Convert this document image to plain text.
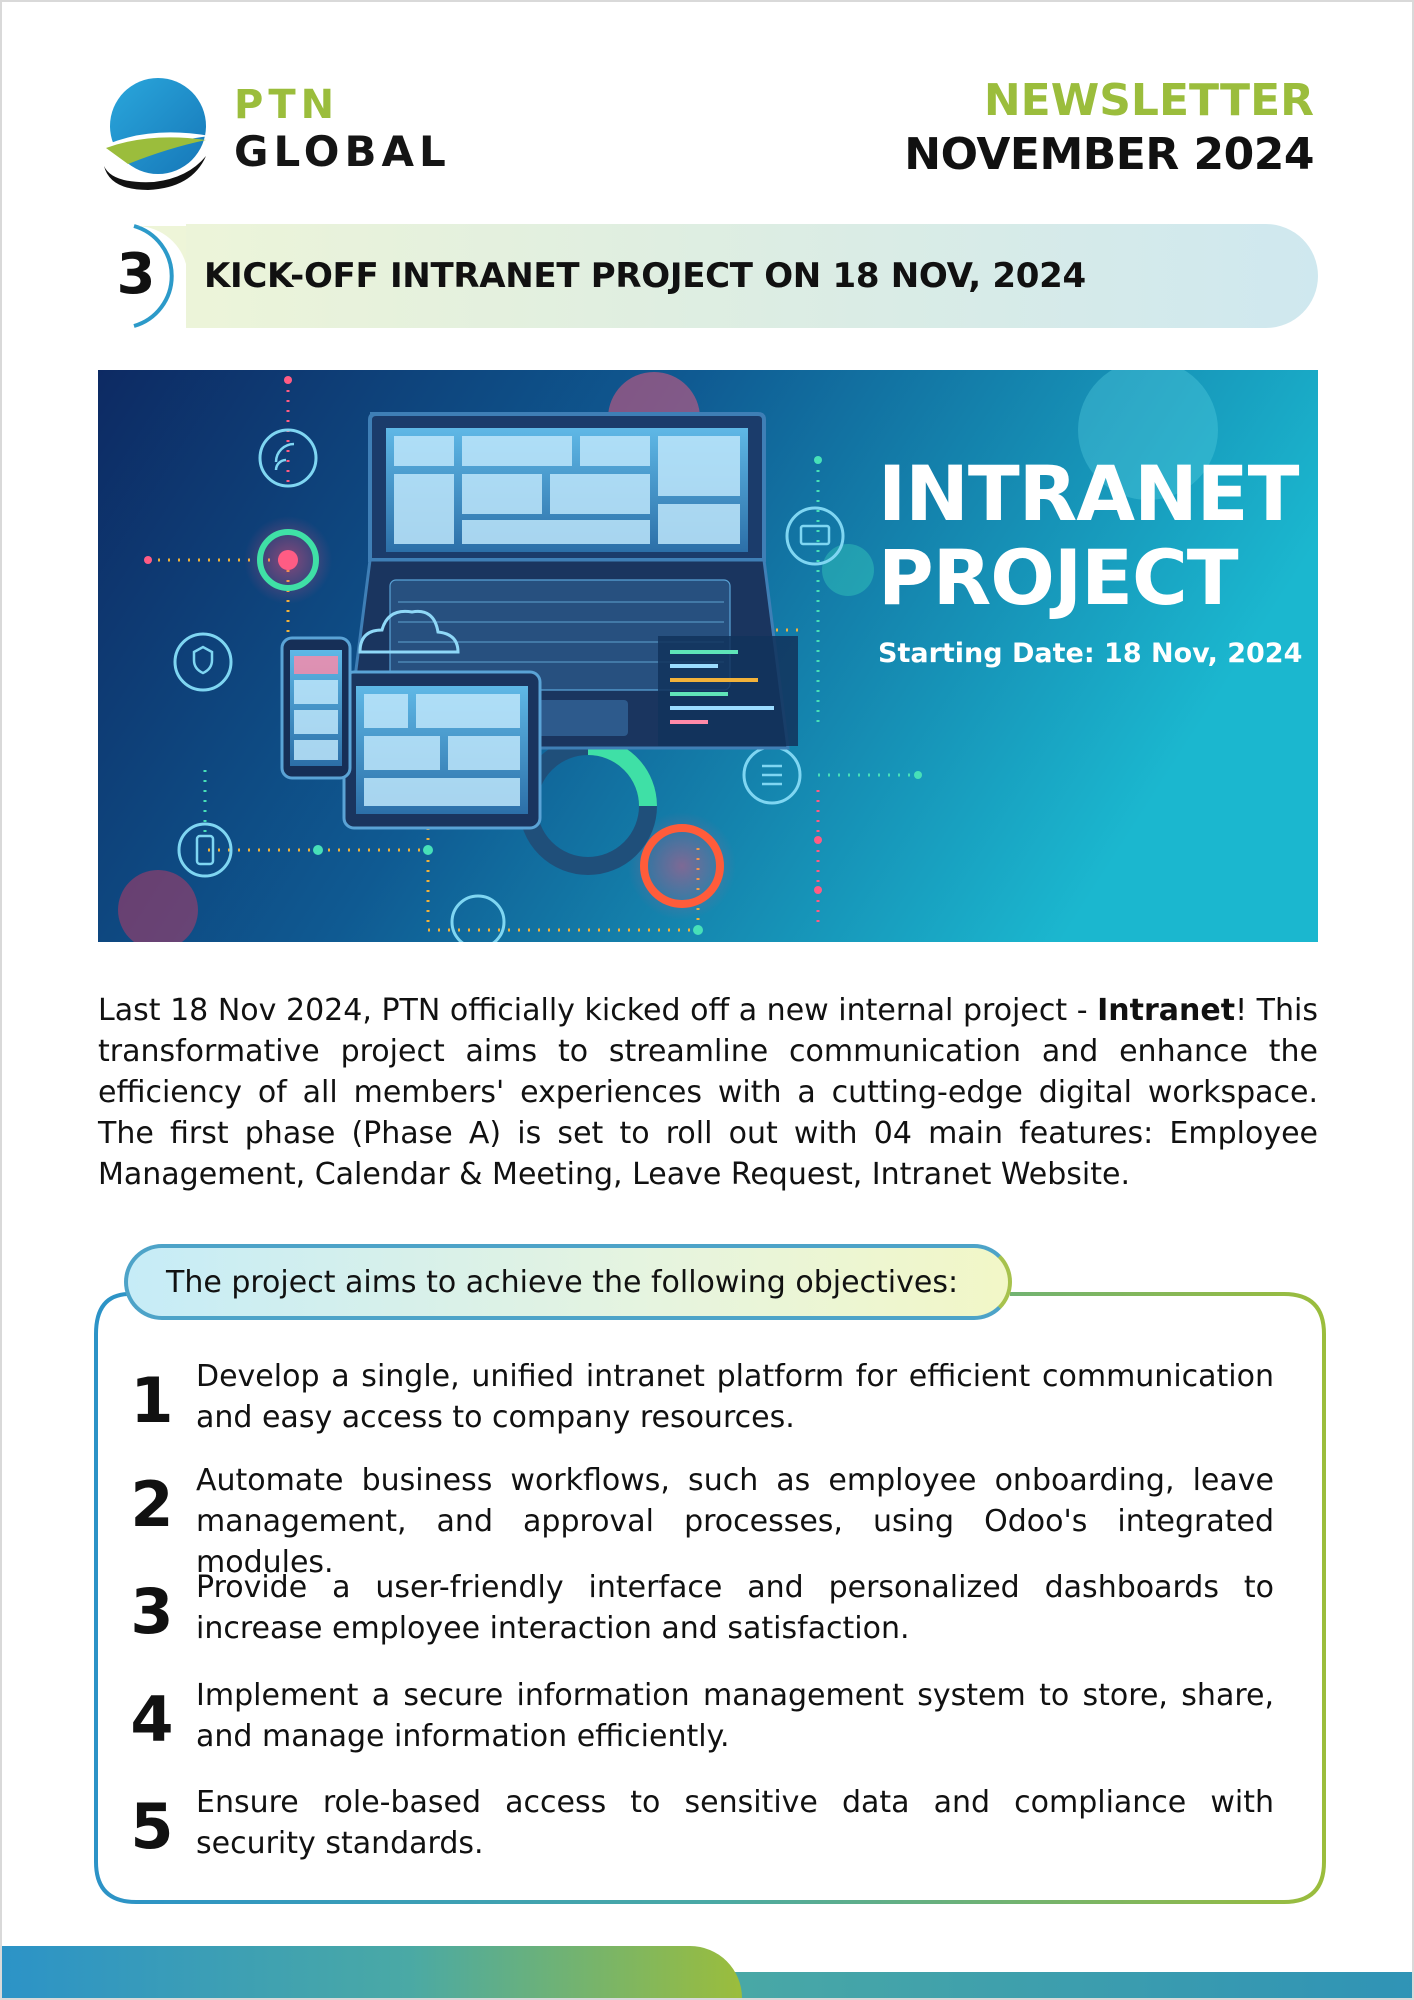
PTN
GLOBAL
NEWSLETTER
NOVEMBER 2024
3 KICK-OFF INTRANET PROJECT ON 18 NOV, 2024
INTRANET
PROJECT
Starting Date: 18 Nov, 2024
Last 18 Nov 2024, PTN officially kicked off a new internal project - Intranet! This transformative project aims to streamline communication and enhance the efficiency of all members' experiences with a cutting-edge digital workspace. The first phase (Phase A) is set to roll out with 04 main features: Employee Management, Calendar & Meeting, Leave Request, Intranet Website.
The project aims to achieve the following objectives:
1 Develop a single, unified intranet platform for efficient communication and easy access to company resources.
2 Automate business workflows, such as employee onboarding, leave management, and approval processes, using Odoo's integrated modules.
3 Provide a user-friendly interface and personalized dashboards to increase employee interaction and satisfaction.
4 Implement a secure information management system to store, share, and manage information efficiently.
5 Ensure role-based access to sensitive data and compliance with security standards.
